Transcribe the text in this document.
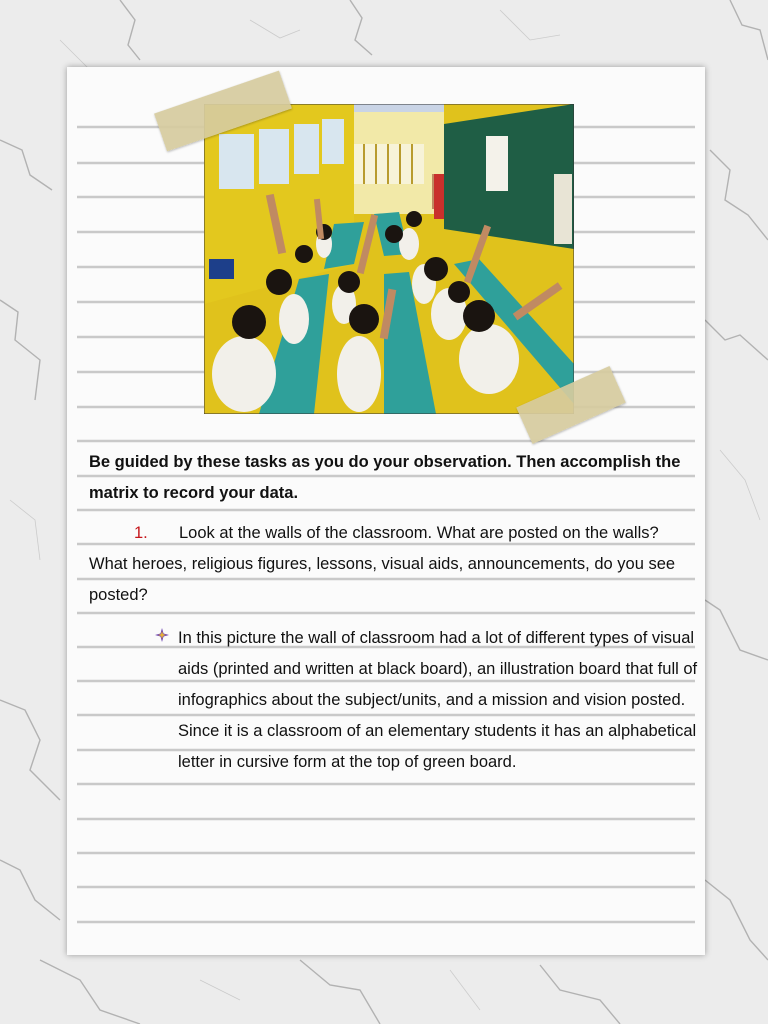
Be guided by these tasks as you do your observation. Then accomplish the matrix to record your data.
1. Look at the walls of the classroom. What are posted on the walls? What heroes, religious figures, lessons, visual aids, announcements, do you see posted?
In this picture the wall of classroom had a lot of different types of visual aids (printed and written at black board), an illustration board that full of infographics about the subject/units, and a mission and vision posted. Since it is a classroom of an elementary students it has an alphabetical letter in cursive form at the top of green board.
